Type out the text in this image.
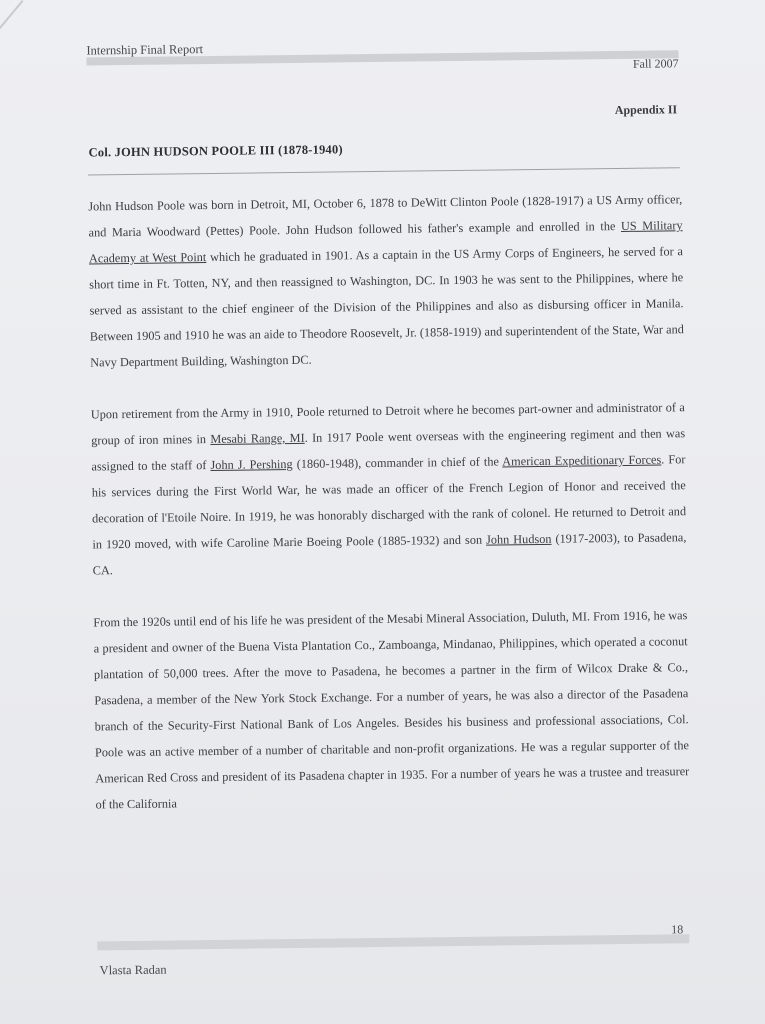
Internship Final Report
Fall 2007
Appendix II
Col. JOHN HUDSON POOLE III (1878-1940)

John Hudson Poole was born in Detroit, MI, October 6, 1878 to DeWitt Clinton Poole (1828-1917) a US Army officer, and Maria Woodward (Pettes) Poole. John Hudson followed his father's example and enrolled in the US Military Academy at West Point which he graduated in 1901. As a captain in the US Army Corps of Engineers, he served for a short time in Ft. Totten, NY, and then reassigned to Washington, DC. In 1903 he was sent to the Philippines, where he served as assistant to the chief engineer of the Division of the Philippines and also as disbursing officer in Manila. Between 1905 and 1910 he was an aide to Theodore Roosevelt, Jr. (1858-1919) and superintendent of the State, War and Navy Department Building, Washington DC.

Upon retirement from the Army in 1910, Poole returned to Detroit where he becomes part-owner and administrator of a group of iron mines in Mesabi Range, MI. In 1917 Poole went overseas with the engineering regiment and then was assigned to the staff of John J. Pershing (1860-1948), commander in chief of the American Expeditionary Forces. For his services during the First World War, he was made an officer of the French Legion of Honor and received the decoration of l'Etoile Noire. In 1919, he was honorably discharged with the rank of colonel. He returned to Detroit and in 1920 moved, with wife Caroline Marie Boeing Poole (1885-1932) and son John Hudson (1917-2003), to Pasadena, CA.

From the 1920s until end of his life he was president of the Mesabi Mineral Association, Duluth, MI. From 1916, he was a president and owner of the Buena Vista Plantation Co., Zamboanga, Mindanao, Philippines, which operated a coconut plantation of 50,000 trees. After the move to Pasadena, he becomes a partner in the firm of Wilcox Drake & Co., Pasadena, a member of the New York Stock Exchange. For a number of years, he was also a director of the Pasadena branch of the Security-First National Bank of Los Angeles. Besides his business and professional associations, Col. Poole was an active member of a number of charitable and non-profit organizations. He was a regular supporter of the American Red Cross and president of its Pasadena chapter in 1935. For a number of years he was a trustee and treasurer of the California

18
Vlasta Radan
